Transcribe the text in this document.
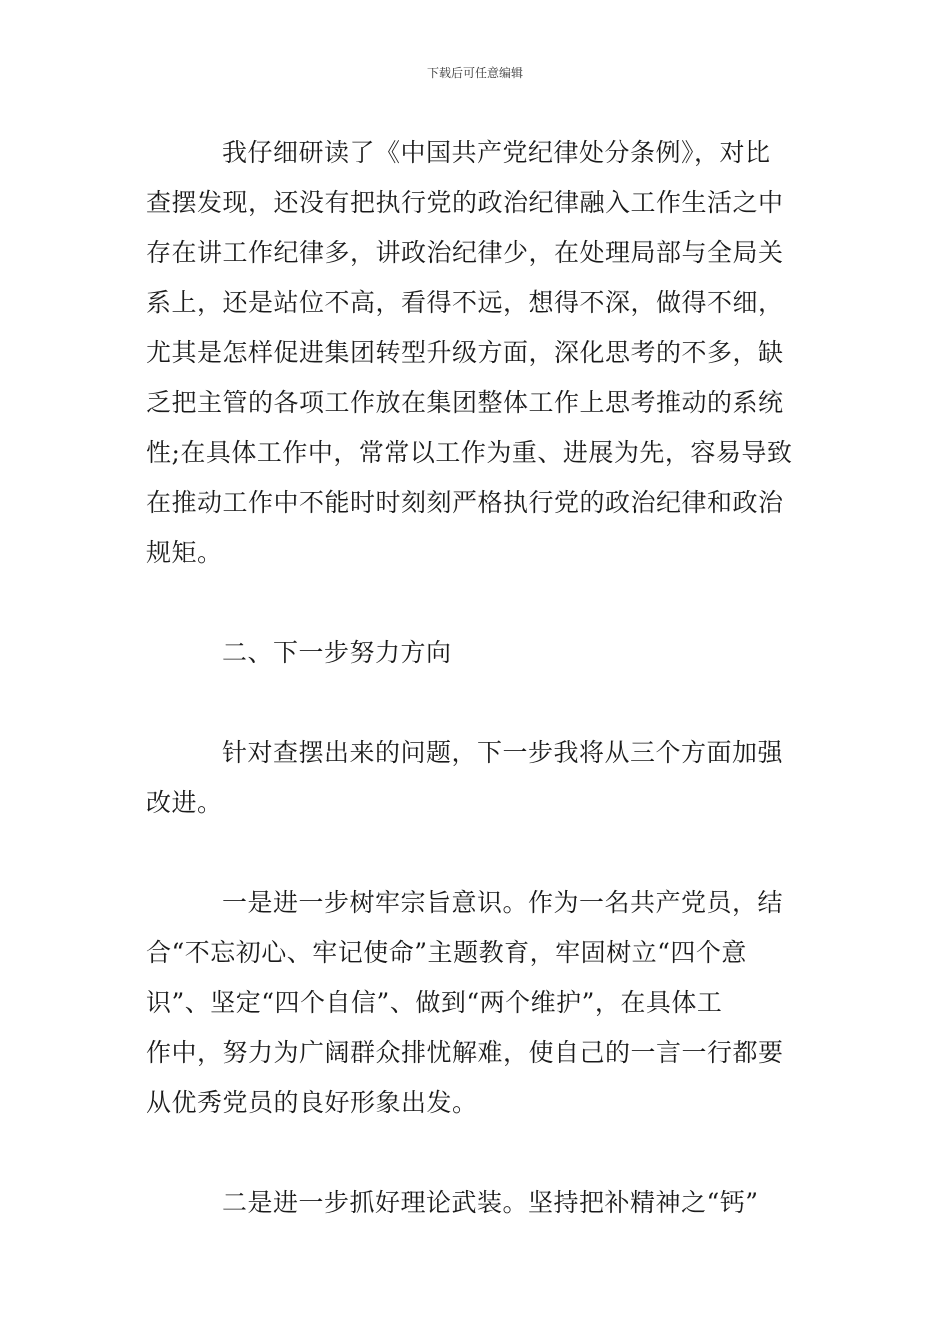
下载后可任意编辑
我仔细研读了《中国共产党纪律处分条例》，对比
查摆发现，还没有把执行党的政治纪律融入工作生活之中
存在讲工作纪律多，讲政治纪律少，在处理局部与全局关
系上，还是站位不高，看得不远，想得不深，做得不细，
尤其是怎样促进集团转型升级方面，深化思考的不多，缺
乏把主管的各项工作放在集团整体工作上思考推动的系统
性;在具体工作中，常常以工作为重、进展为先，容易导致
在推动工作中不能时时刻刻严格执行党的政治纪律和政治
规矩。
二、下一步努力方向
针对查摆出来的问题，下一步我将从三个方面加强
改进。
一是进一步树牢宗旨意识。作为一名共产党员，结
合“不忘初心、牢记使命”主题教育，牢固树立“四个意
识”、坚定“四个自信”、做到“两个维护”，在具体工
作中，努力为广阔群众排忧解难，使自己的一言一行都要
从优秀党员的良好形象出发。
二是进一步抓好理论武装。坚持把补精神之“钙”
